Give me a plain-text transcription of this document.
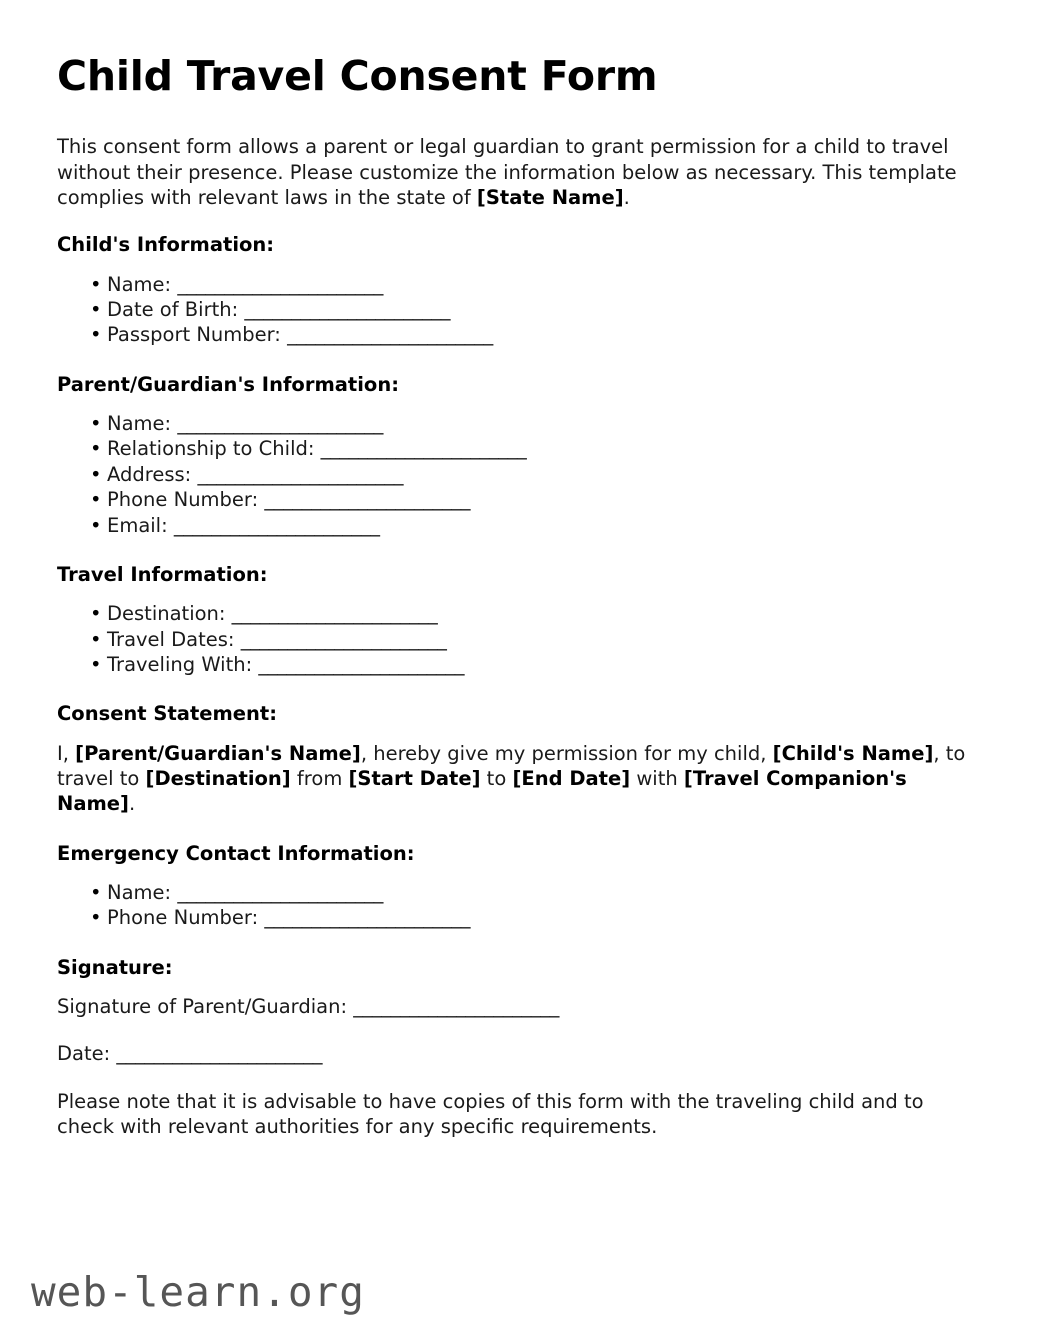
Child Travel Consent Form

This consent form allows a parent or legal guardian to grant permission for a child to travel without their presence. Please customize the information below as necessary. This template complies with relevant laws in the state of [State Name].

Child's Information:
• Name: ______________________
• Date of Birth: ______________________
• Passport Number: ______________________
Parent/Guardian's Information:
• Name: ______________________
• Relationship to Child: ______________________
• Address: ______________________
• Phone Number: ______________________
• Email: ______________________
Travel Information:
• Destination: ______________________
• Travel Dates: ______________________
• Traveling With: ______________________
Consent Statement:

I, [Parent/Guardian's Name], hereby give my permission for my child, [Child's Name], to travel to [Destination] from [Start Date] to [End Date] with [Travel Companion's Name].

Emergency Contact Information:
• Name: ______________________
• Phone Number: ______________________
Signature:

Signature of Parent/Guardian: ______________________

Date: ______________________

Please note that it is advisable to have copies of this form with the traveling child and to check with relevant authorities for any specific requirements.

web-learn.org
